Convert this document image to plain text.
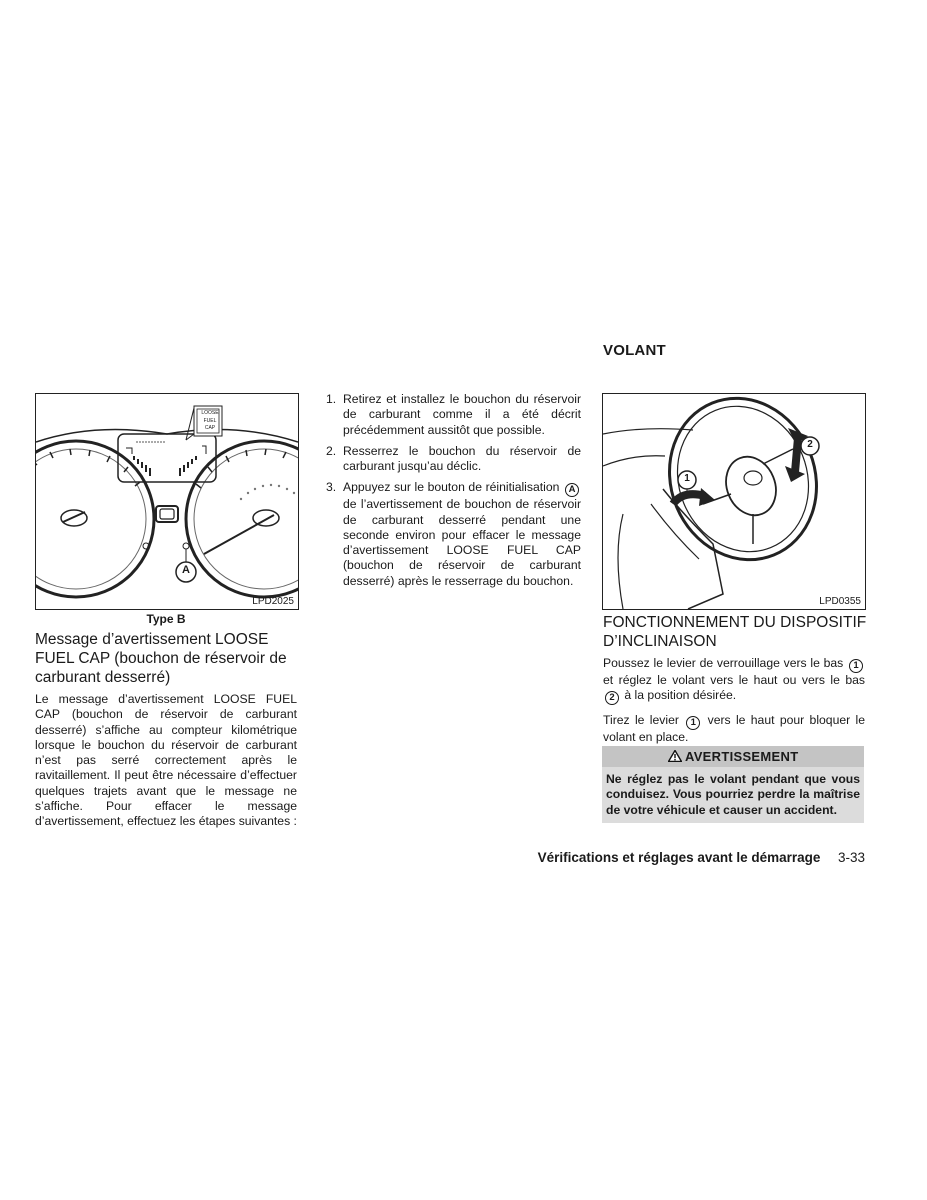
VOLANT
LOOSE
FUEL
CAP
A
LPD2025
Type B
Message d’avertissement LOOSE
FUEL CAP (bouchon de réservoir de
carburant desserré)

Le message d’avertissement LOOSE FUEL CAP (bouchon de réservoir de carburant desserré) s’affiche au compteur kilométrique lorsque le bouchon du réservoir de carburant n’est pas serré correctement après le ravitaillement. Il peut être nécessaire d’effectuer quelques trajets avant que le message ne s’affiche. Pour effacer le message d’avertissement, effectuez les étapes suivantes :

1. Retirez et installez le bouchon du réservoir de carburant comme il a été décrit précédemment aussitôt que possible.
2. Resserrez le bouchon du réservoir de carburant jusqu’au déclic.
3. Appuyez sur le bouton de réinitialisation A de l’avertissement de bouchon de réservoir de carburant desserré pendant une seconde environ pour effacer le message d’avertissement LOOSE FUEL CAP (bouchon de réservoir de carburant desserré) après le resserrage du bouchon.
2
1
LPD0355
FONCTIONNEMENT DU DISPOSITIF
D’INCLINAISON

Poussez le levier de verrouillage vers le bas 1 et réglez le volant vers le haut ou vers le bas 2 à la position désirée.

Tirez le levier 1 vers le haut pour bloquer le volant en place.

AVERTISSEMENT
Ne réglez pas le volant pendant que vous conduisez. Vous pourriez perdre la maîtrise de votre véhicule et causer un accident.
Vérifications et réglages avant le démarrage 3-33
